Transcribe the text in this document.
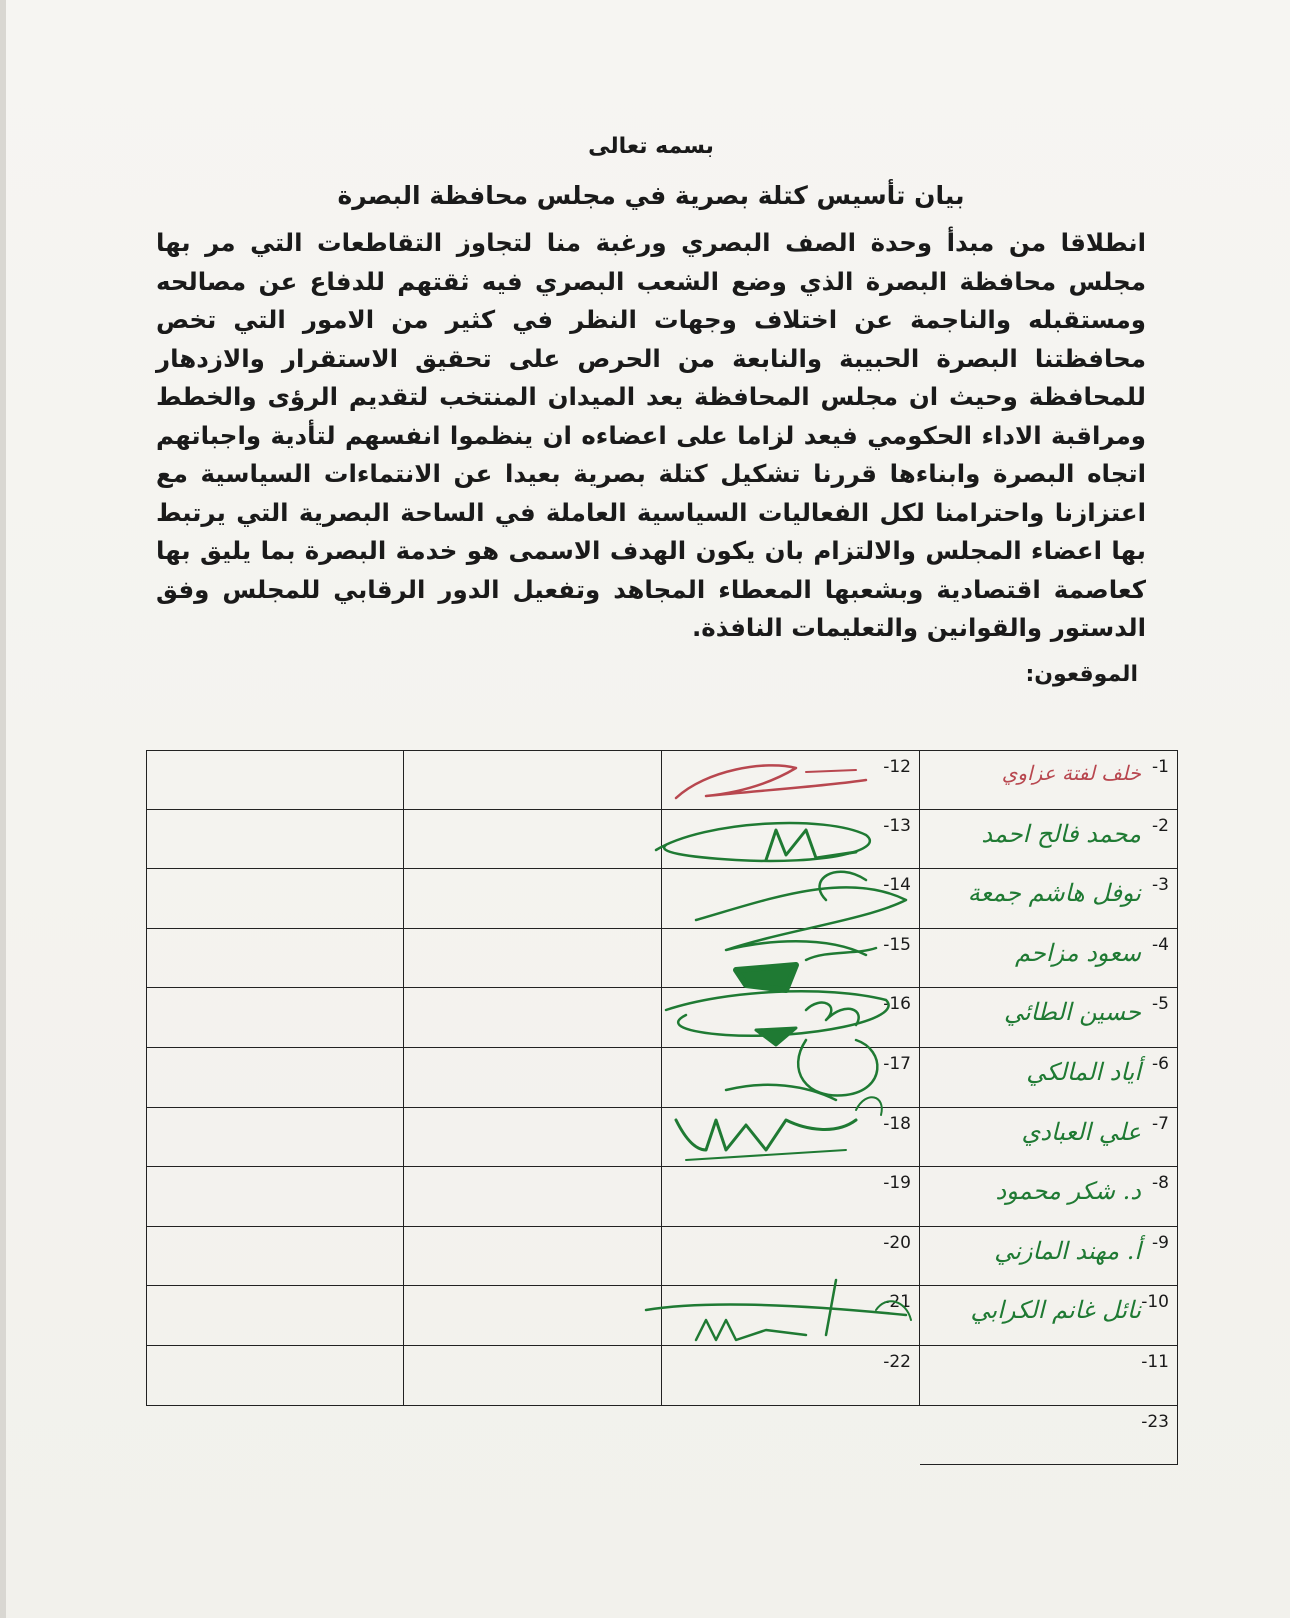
بسمه تعالى
بيان تأسيس كتلة بصرية في مجلس محافظة البصرة
انطلاقا من مبدأ وحدة الصف البصري ورغبة منا لتجاوز التقاطعات التي مر بها مجلس محافظة البصرة الذي وضع الشعب البصري فيه ثقتهم للدفاع عن مصالحه ومستقبله والناجمة عن اختلاف وجهات النظر في كثير من الامور التي تخص محافظتنا البصرة الحبيبة والنابعة من الحرص على تحقيق الاستقرار والازدهار للمحافظة وحيث ان مجلس المحافظة يعد الميدان المنتخب لتقديم الرؤى والخطط ومراقبة الاداء الحكومي فيعد لزاما على اعضاءه ان ينظموا انفسهم لتأدية واجباتهم اتجاه البصرة وابناءها قررنا تشكيل كتلة بصرية بعيدا عن الانتماءات السياسية مع اعتزازنا واحترامنا لكل الفعاليات السياسية العاملة في الساحة البصرية التي يرتبط بها اعضاء المجلس والالتزام بان يكون الهدف الاسمى هو خدمة البصرة بما يليق بها كعاصمة اقتصادية وبشعبها المعطاء المجاهد وتفعيل الدور الرقابي للمجلس وفق الدستور والقوانين والتعليمات النافذة.
الموقعون:
-1
خلف لفتة عزاوي
-12
-2
محمد فالح احمد
-13
-3
نوفل هاشم جمعة
-14
-4
سعود مزاحم
-15
-5
حسين الطائي
-16
-6
أياد المالكي
-17
-7
علي العبادي
-18
-8
د. شكر محمود
-19
-9
أ. مهند المازني
-20
-10
نائل غانم الكرابي
-21
-11
-22
-23
